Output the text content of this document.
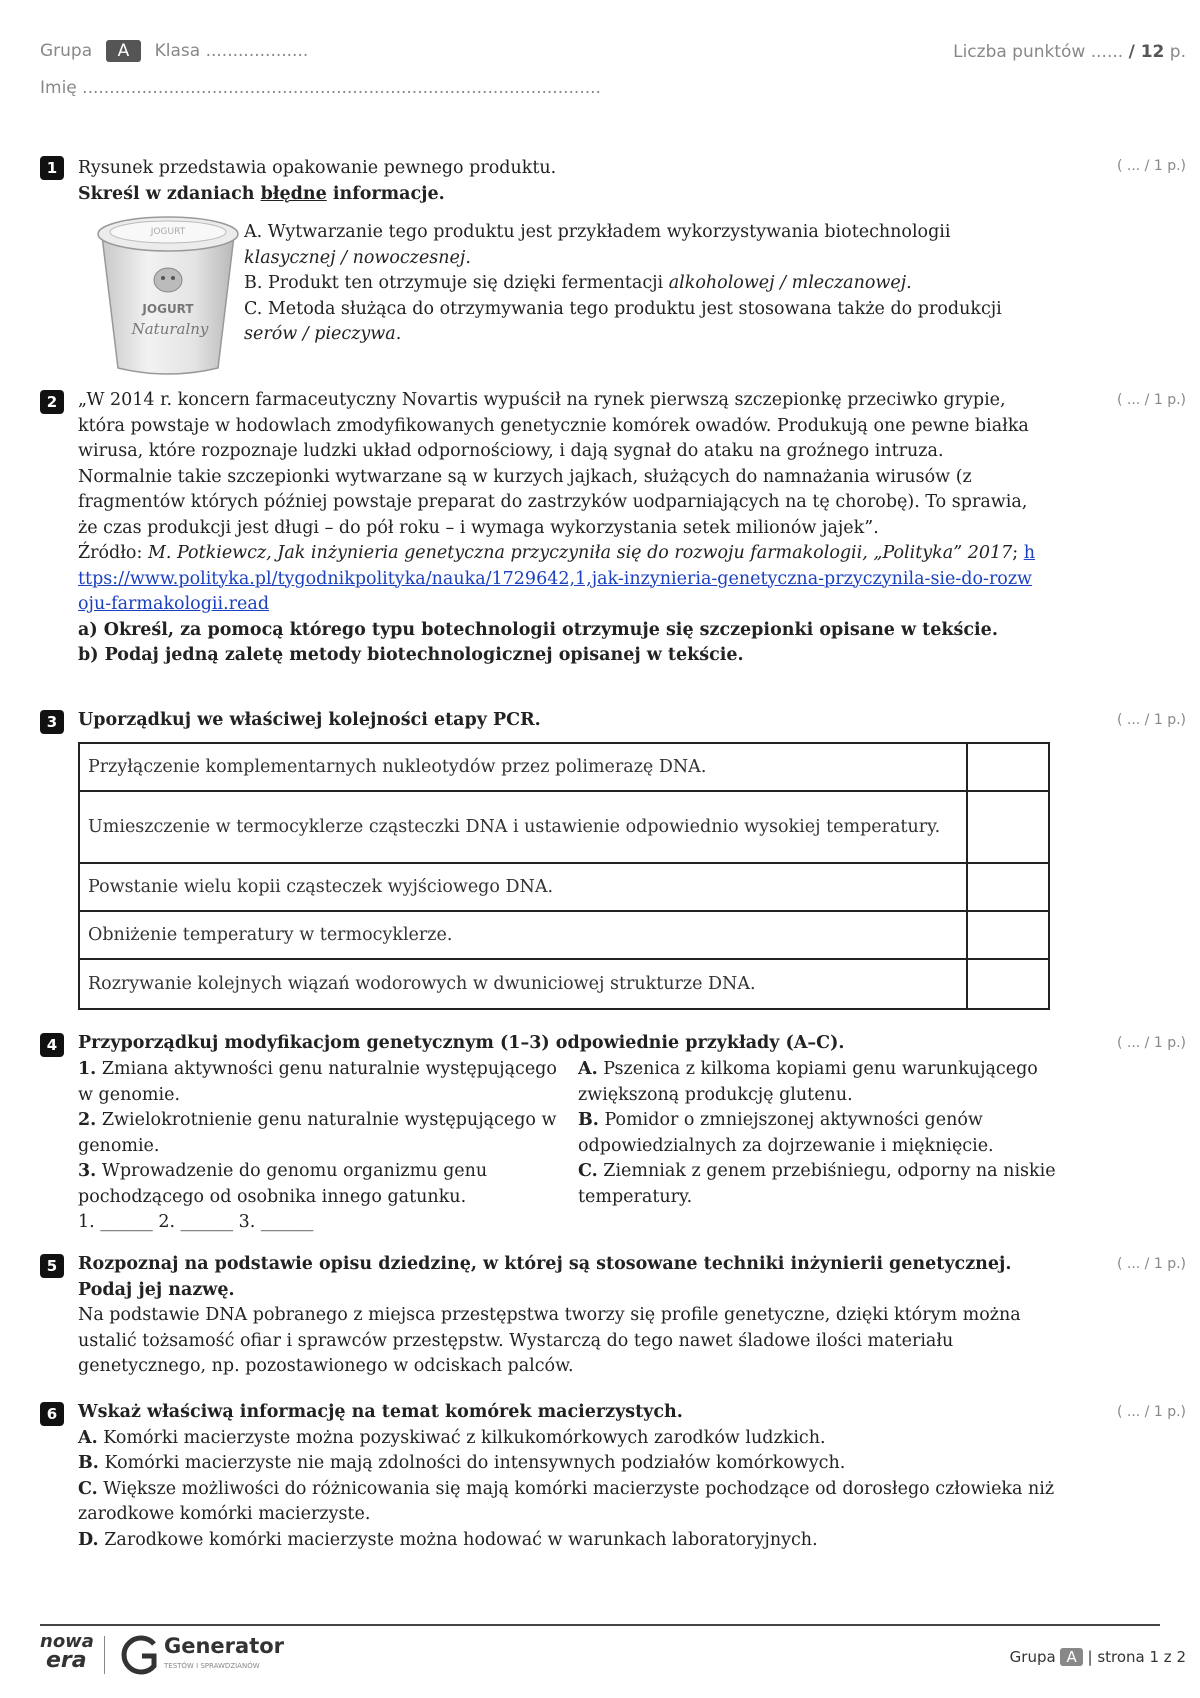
Grupa A Klasa ...................	Liczba punktów ...... / 12 p.
Imię ................................................................................................
1	( ... / 1 p.)
Rysunek przedstawia opakowanie pewnego produktu.
Skreśl w zdaniach błędne informacje.
JOGURT
JOGURT
Naturalny
A. Wytwarzanie tego produktu jest przykładem wykorzystywania biotechnologii
klasycznej / nowoczesnej.
B. Produkt ten otrzymuje się dzięki fermentacji alkoholowej / mleczanowej.
C. Metoda służąca do otrzymywania tego produktu jest stosowana także do produkcji
serów / pieczywa.
2	( ... / 1 p.)
„W 2014 r. koncern farmaceutyczny Novartis wypuścił na rynek pierwszą szczepionkę przeciwko grypie, która powstaje w hodowlach zmodyfikowanych genetycznie komórek owadów. Produkują one pewne białka wirusa, które rozpoznaje ludzki układ odpornościowy, i dają sygnał do ataku na groźnego intruza. Normalnie takie szczepionki wytwarzane są w kurzych jajkach, służących do namnażania wirusów (z fragmentów których później powstaje preparat do zastrzyków uodparniających na tę chorobę). To sprawia, że czas produkcji jest długi – do pół roku – i wymaga wykorzystania setek milionów jajek”.
Źródło: M. Potkiewcz, Jak inżynieria genetyczna przyczyniła się do rozwoju farmakologii, „Polityka” 2017; https://www.polityka.pl/tygodnikpolityka/nauka/1729642,1,jak-inzynieria-genetyczna-przyczynila-sie-do-rozwoju-farmakologii.read
a) Określ, za pomocą którego typu botechnologii otrzymuje się szczepionki opisane w tekście.
b) Podaj jedną zaletę metody biotechnologicznej opisanej w tekście.
3	( ... / 1 p.)
Uporządkuj we właściwej kolejności etapy PCR.
Przyłączenie komplementarnych nukleotydów przez polimerazę DNA.	
Umieszczenie w termocyklerze cząsteczki DNA i ustawienie odpowiednio wysokiej temperatury.	
Powstanie wielu kopii cząsteczek wyjściowego DNA.	
Obniżenie temperatury w termocyklerze.	
Rozrywanie kolejnych wiązań wodorowych w dwuniciowej strukturze DNA.	
4	( ... / 1 p.)
Przyporządkuj modyfikacjom genetycznym (1–3) odpowiednie przykłady (A–C).
1. Zmiana aktywności genu naturalnie występującego w genomie.
2. Zwielokrotnienie genu naturalnie występującego w genomie.
3. Wprowadzenie do genomu organizmu genu pochodzącego od osobnika innego gatunku.
1. ______ 2. ______ 3. ______
A. Pszenica z kilkoma kopiami genu warunkującego zwiększoną produkcję glutenu.
B. Pomidor o zmniejszonej aktywności genów odpowiedzialnych za dojrzewanie i mięknięcie.
C. Ziemniak z genem przebiśniegu, odporny na niskie temperatury.
5	( ... / 1 p.)
Rozpoznaj na podstawie opisu dziedzinę, w której są stosowane techniki inżynierii genetycznej. Podaj jej nazwę.
Na podstawie DNA pobranego z miejsca przestępstwa tworzy się profile genetyczne, dzięki którym można ustalić tożsamość ofiar i sprawców przestępstw. Wystarczą do tego nawet śladowe ilości materiału genetycznego, np. pozostawionego w odciskach palców.
6	( ... / 1 p.)
Wskaż właściwą informację na temat komórek macierzystych.
A. Komórki macierzyste można pozyskiwać z kilkukomórkowych zarodków ludzkich.
B. Komórki macierzyste nie mają zdolności do intensywnych podziałów komórkowych.
C. Większe możliwości do różnicowania się mają komórki macierzyste pochodzące od dorosłego człowieka niż zarodkowe komórki macierzyste.
D. Zarodkowe komórki macierzyste można hodować w warunkach laboratoryjnych.
nowa
era
Generator
TESTÓW I SPRAWDZIANÓW	Grupa A | strona 1 z 2
